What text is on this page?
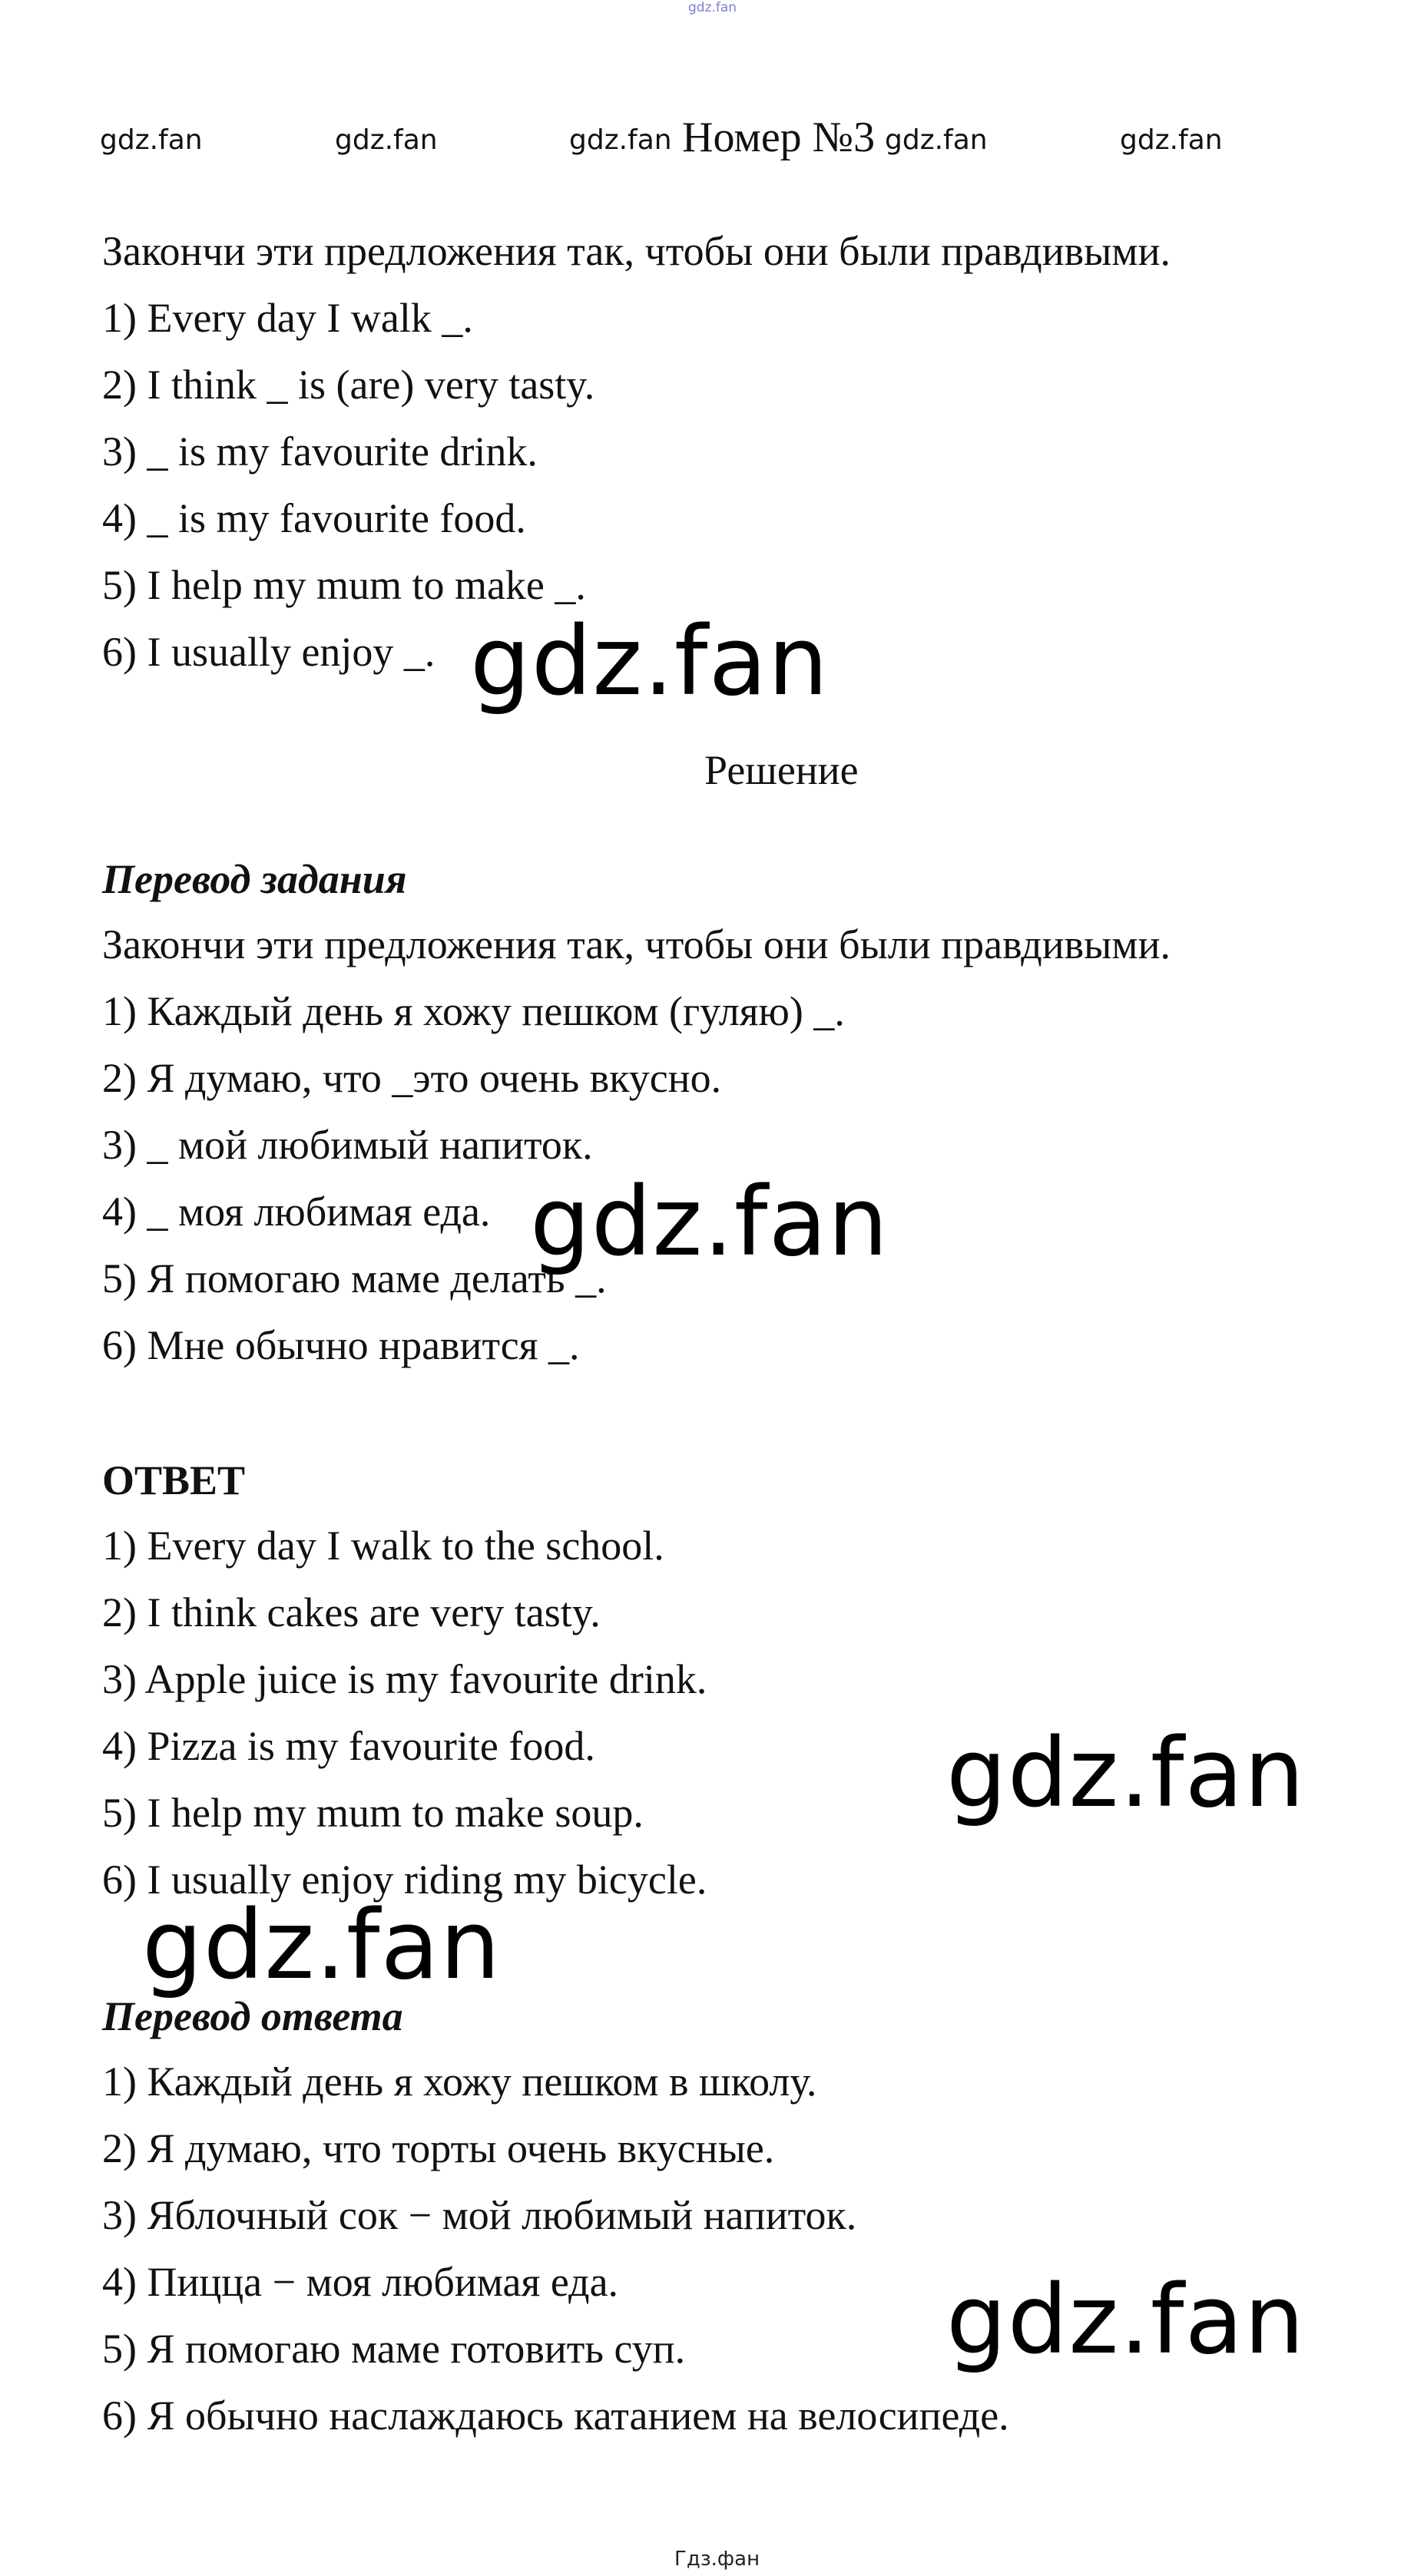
gdz.fan
gdz.fan	gdz.fan	gdz.fan Номер №3 gdz.fan	gdz.fan
Закончи эти предложения так, чтобы они были правдивыми.
1) Every day I walk _.
2) I think _ is (are) very tasty.
3) _ is my favourite drink.
4) _ is my favourite food.
5) I help my mum to make _.
6) I usually enjoy _. gdz.fan
Решение
Перевод задания
Закончи эти предложения так, чтобы они были правдивыми.
1) Каждый день я хожу пешком (гуляю) _.
2) Я думаю, что _это очень вкусно.
3) _ мой любимый напиток.
4) _ моя любимая еда.
5) Я помогаю маме делать _.
6) Мне обычно нравится _.
gdz.fan
ОТВЕТ
1) Every day I walk to the school.
2) I think cakes are very tasty.
3) Apple juice is my favourite drink.
4) Pizza is my favourite food.
5) I help my mum to make soup.
6) I usually enjoy riding my bicycle.
gdz.fan
gdz.fan
Перевод ответа
1) Каждый день я хожу пешком в школу.
2) Я думаю, что торты очень вкусные.
3) Яблочный сок − мой любимый напиток.
4) Пицца − моя любимая еда.
5) Я помогаю маме готовить суп.
6) Я обычно наслаждаюсь катанием на велосипеде.
gdz.fan
Гдз.фан
